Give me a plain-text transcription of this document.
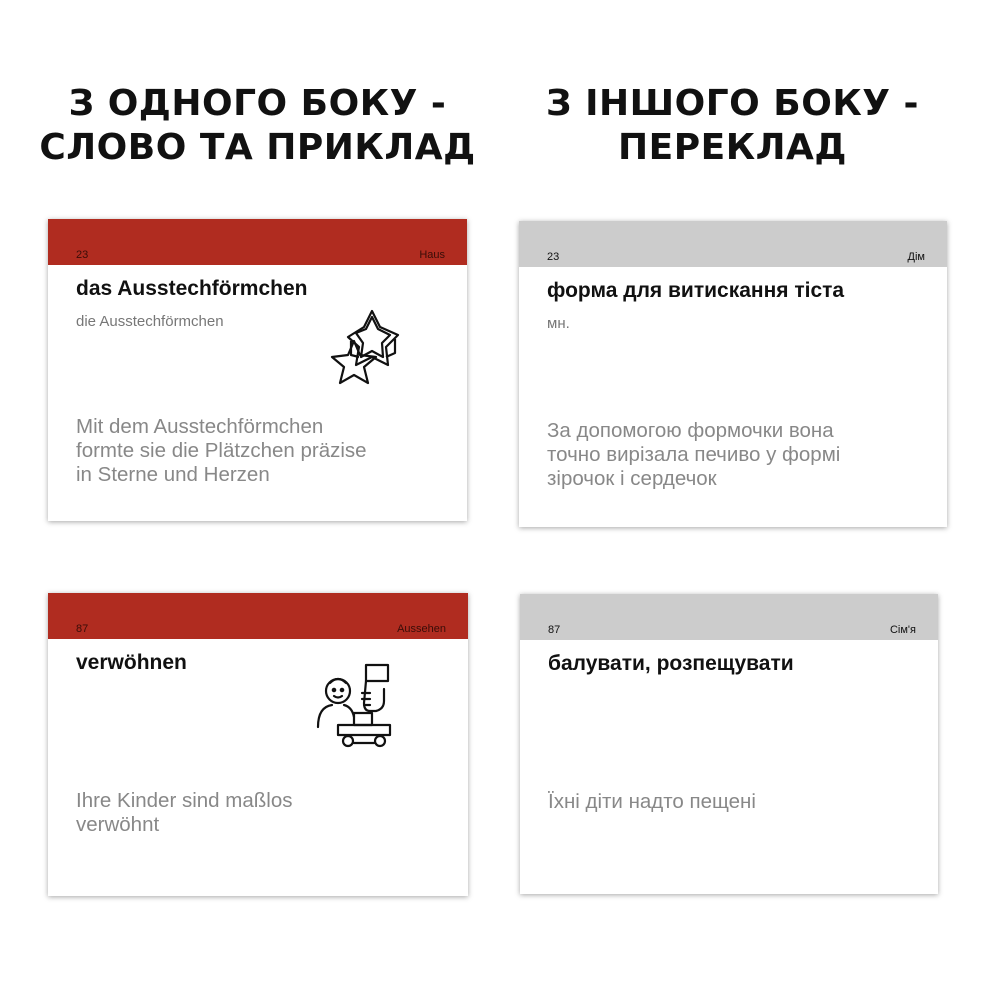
З ОДНОГО БОКУ -
СЛОВО ТА ПРИКЛАД
З ІНШОГО БОКУ -
ПЕРЕКЛАД
23	Haus
das Ausstechförmchen
die Ausstechförmchen
Mit dem Ausstechförmchen
formte sie die Plätzchen präzise
in Sterne und Herzen
23	Дім
форма для витискання тіста
мн.
За допомогою формочки вона
точно вирізала печиво у формі
зірочок і сердечок
87	Aussehen
verwöhnen
Ihre Kinder sind maßlos
verwöhnt
87	Сім'я
балувати, розпещувати
Їхні діти надто пещені
